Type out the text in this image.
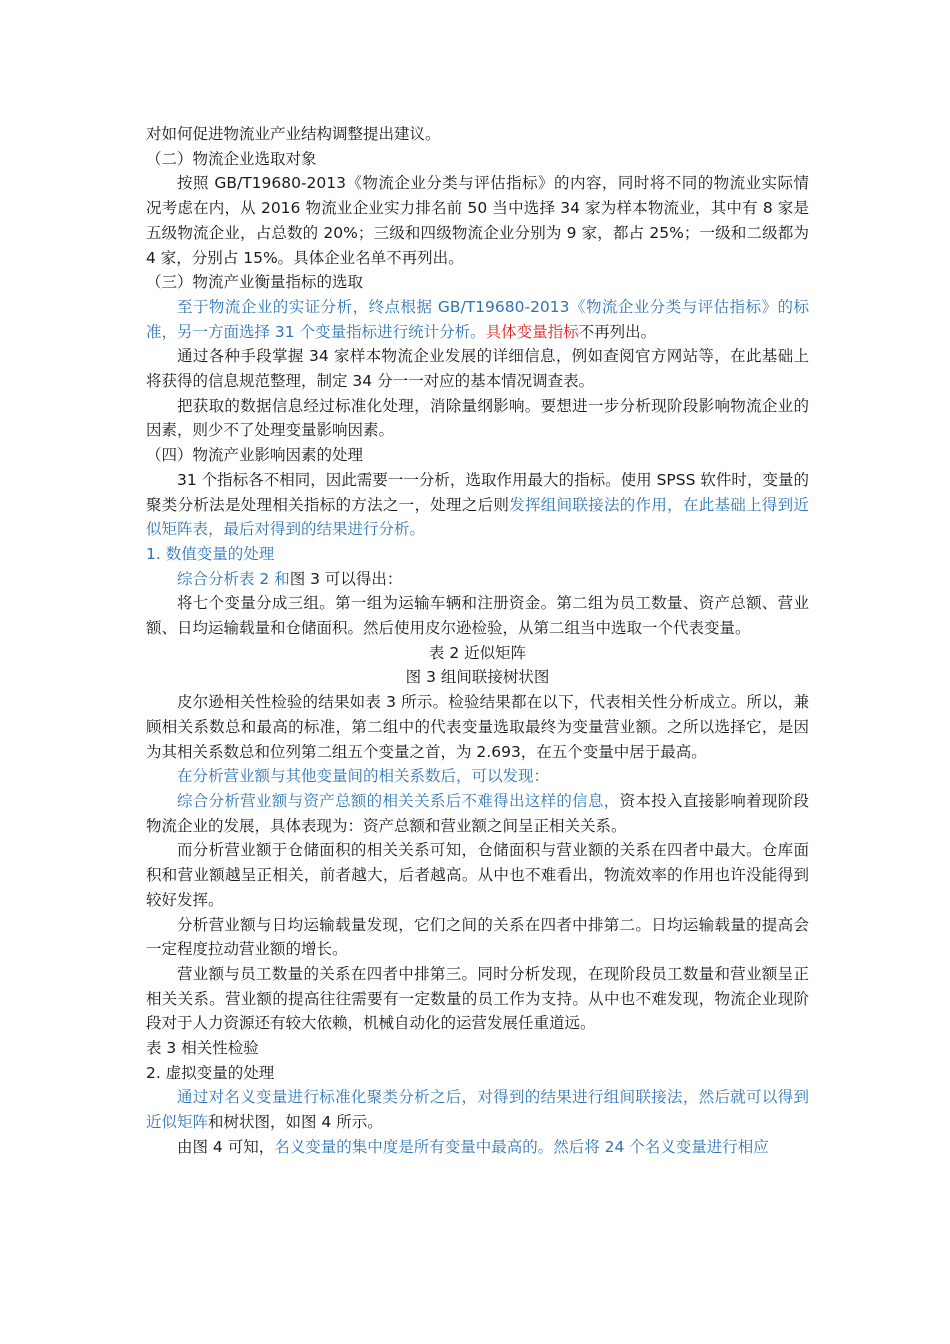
对如何促进物流业产业结构调整提出建议。

（二）物流企业选取对象

按照 GB/T19680-2013《物流企业分类与评估指标》的内容，同时将不同的物流业实际情况考虑在内，从 2016 物流业企业实力排名前 50 当中选择 34 家为样本物流业，其中有 8 家是五级物流企业，占总数的 20%；三级和四级物流企业分别为 9 家，都占 25%；一级和二级都为 4 家，分别占 15%。具体企业名单不再列出。

（三）物流产业衡量指标的选取

至于物流企业的实证分析，终点根据 GB/T19680-2013《物流企业分类与评估指标》的标准，另一方面选择 31 个变量指标进行统计分析。具体变量指标不再列出。

通过各种手段掌握 34 家样本物流企业发展的详细信息，例如查阅官方网站等，在此基础上将获得的信息规范整理，制定 34 分一一对应的基本情况调查表。

把获取的数据信息经过标准化处理，消除量纲影响。要想进一步分析现阶段影响物流企业的因素，则少不了处理变量影响因素。

（四）物流产业影响因素的处理

31 个指标各不相同，因此需要一一分析，选取作用最大的指标。使用 SPSS 软件时，变量的聚类分析法是处理相关指标的方法之一，处理之后则发挥组间联接法的作用，在此基础上得到近似矩阵表，最后对得到的结果进行分析。

1. 数值变量的处理

综合分析表 2 和图 3 可以得出：

将七个变量分成三组。第一组为运输车辆和注册资金。第二组为员工数量、资产总额、营业额、日均运输载量和仓储面积。然后使用皮尔逊检验，从第二组当中选取一个代表变量。

表 2 近似矩阵

图 3 组间联接树状图

皮尔逊相关性检验的结果如表 3 所示。检验结果都在以下，代表相关性分析成立。所以，兼顾相关系数总和最高的标准，第二组中的代表变量选取最终为变量营业额。之所以选择它，是因为其相关系数总和位列第二组五个变量之首，为 2.693，在五个变量中居于最高。

在分析营业额与其他变量间的相关系数后，可以发现：

综合分析营业额与资产总额的相关关系后不难得出这样的信息，资本投入直接影响着现阶段物流企业的发展，具体表现为：资产总额和营业额之间呈正相关关系。

而分析营业额于仓储面积的相关关系可知，仓储面积与营业额的关系在四者中最大。仓库面积和营业额越呈正相关，前者越大，后者越高。从中也不难看出，物流效率的作用也许没能得到较好发挥。

分析营业额与日均运输载量发现，它们之间的关系在四者中排第二。日均运输载量的提高会一定程度拉动营业额的增长。

营业额与员工数量的关系在四者中排第三。同时分析发现，在现阶段员工数量和营业额呈正相关关系。营业额的提高往往需要有一定数量的员工作为支持。从中也不难发现，物流企业现阶段对于人力资源还有较大依赖，机械自动化的运营发展任重道远。

表 3 相关性检验

2. 虚拟变量的处理

通过对名义变量进行标准化聚类分析之后，对得到的结果进行组间联接法，然后就可以得到近似矩阵和树状图，如图 4 所示。

由图 4 可知，名义变量的集中度是所有变量中最高的。然后将 24 个名义变量进行相应
